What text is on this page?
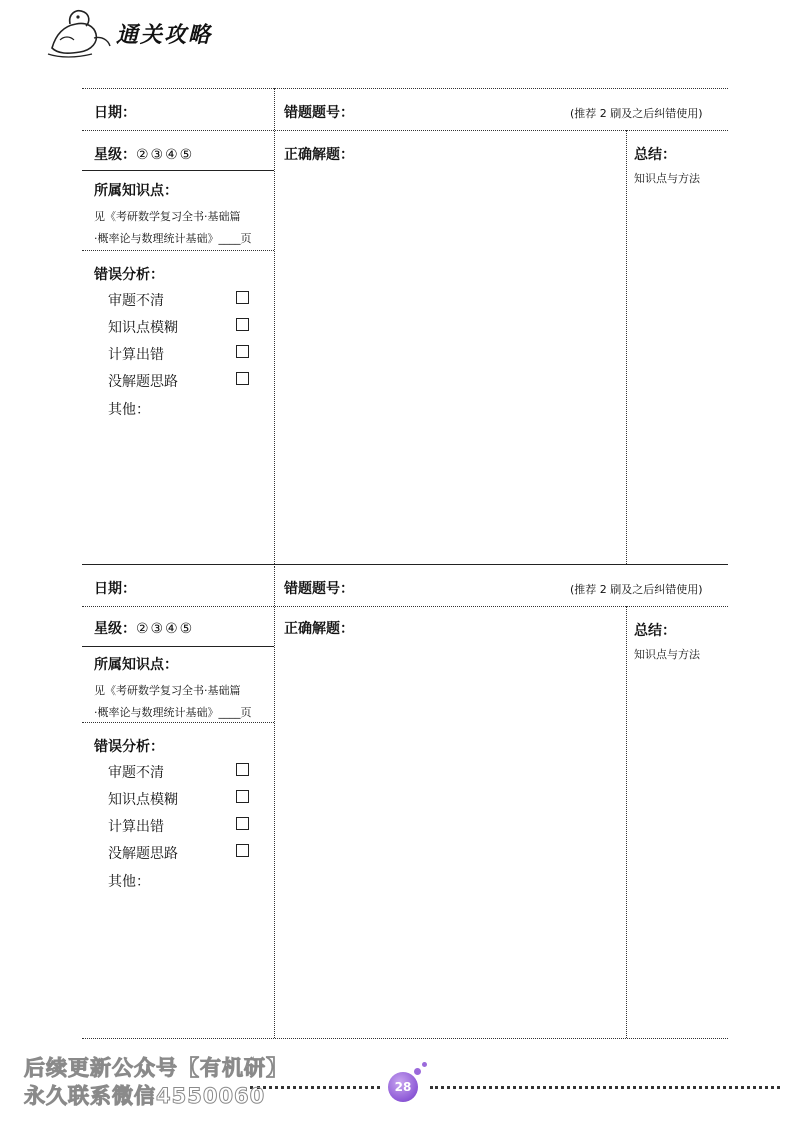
通关攻略
日期：	错题题号：	(推荐 2 刷及之后纠错使用)
星级：②③④⑤	正确解题：	总结：
知识点与方法
所属知识点：
见《考研数学复习全书·基础篇
·概率论与数理统计基础》____页
错误分析：
审题不清
知识点模糊
计算出错
没解题思路
其他：
日期：	错题题号：	(推荐 2 刷及之后纠错使用)
星级：②③④⑤	正确解题：	总结：
知识点与方法
所属知识点：
见《考研数学复习全书·基础篇
·概率论与数理统计基础》____页
错误分析：
审题不清
知识点模糊
计算出错
没解题思路
其他：
28
后续更新公众号【有机研】
永久联系微信4550060
